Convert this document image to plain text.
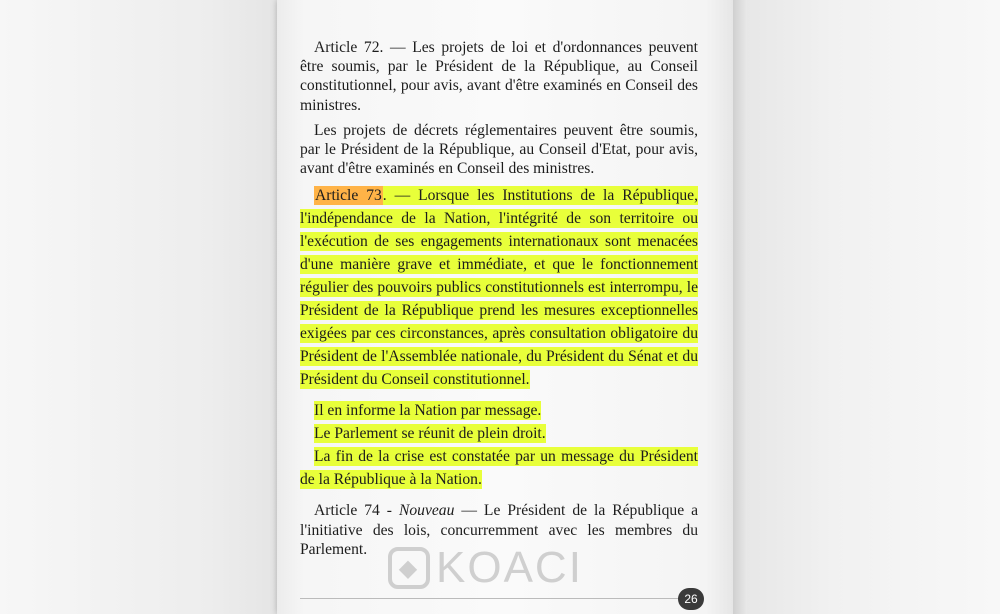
Article 72. — Les projets de loi et d'ordonnances peuvent être soumis, par le Président de la République, au Conseil constitutionnel, pour avis, avant d'être examinés en Conseil des ministres.

Les projets de décrets réglementaires peuvent être soumis, par le Président de la République, au Conseil d'Etat, pour avis, avant d'être examinés en Conseil des ministres.

Article 73. — Lorsque les Institutions de la République, l'indépendance de la Nation, l'intégrité de son territoire ou l'exécution de ses engagements internationaux sont menacées d'une manière grave et immédiate, et que le fonctionnement régulier des pouvoirs publics constitutionnels est interrompu, le Président de la République prend les mesures exceptionnelles exigées par ces circonstances, après consultation obligatoire du Président de l'Assemblée nationale, du Président du Sénat et du Président du Conseil constitutionnel.

Il en informe la Nation par message.

Le Parlement se réunit de plein droit.

La fin de la crise est constatée par un message du Président de la République à la Nation.

Article 74 - Nouveau — Le Président de la République a l'initiative des lois, concurremment avec les membres du Parlement.

◆ KOACI
26
